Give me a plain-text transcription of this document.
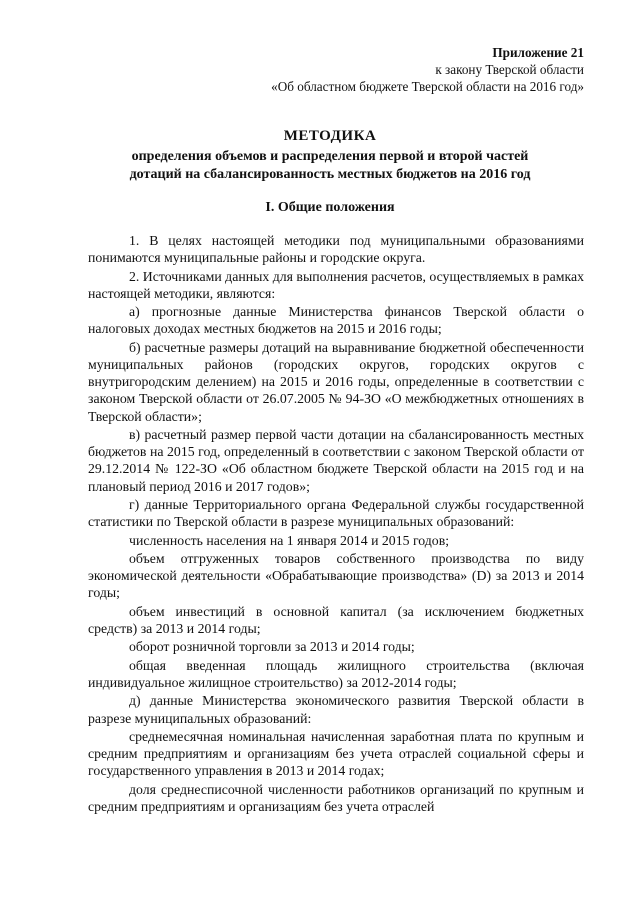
Приложение 21
к закону Тверской области
«Об областном бюджете Тверской области на 2016 год»
МЕТОДИКА
определения объемов и распределения первой и второй частей
дотаций на сбалансированность местных бюджетов на 2016 год
I. Общие положения

1. В целях настоящей методики под муниципальными образованиями понимаются муниципальные районы и городские округа.

2. Источниками данных для выполнения расчетов, осуществляемых в рамках настоящей методики, являются:

а) прогнозные данные Министерства финансов Тверской области о налоговых доходах местных бюджетов на 2015 и 2016 годы;

б) расчетные размеры дотаций на выравнивание бюджетной обеспеченности муниципальных районов (городских округов, городских округов с внутригородским делением) на 2015 и 2016 годы, определенные в соответствии с законом Тверской области от 26.07.2005 № 94-ЗО «О межбюджетных отношениях в Тверской области»;

в) расчетный размер первой части дотации на сбалансированность местных бюджетов на 2015 год, определенный в соответствии с законом Тверской области от 29.12.2014 № 122-ЗО «Об областном бюджете Тверской области на 2015 год и на плановый период 2016 и 2017 годов»;

г) данные Территориального органа Федеральной службы государственной статистики по Тверской области в разрезе муниципальных образований:

численность населения на 1 января 2014 и 2015 годов;

объем отгруженных товаров собственного производства по виду экономической деятельности «Обрабатывающие производства» (D) за 2013 и 2014 годы;

объем инвестиций в основной капитал (за исключением бюджетных средств) за 2013 и 2014 годы;

оборот розничной торговли за 2013 и 2014 годы;

общая введенная площадь жилищного строительства (включая индивидуальное жилищное строительство) за 2012-2014 годы;

д) данные Министерства экономического развития Тверской области в разрезе муниципальных образований:

среднемесячная номинальная начисленная заработная плата по крупным и средним предприятиям и организациям без учета отраслей социальной сферы и государственного управления в 2013 и 2014 годах;

доля среднесписочной численности работников организаций по крупным и средним предприятиям и организациям без учета отраслей
